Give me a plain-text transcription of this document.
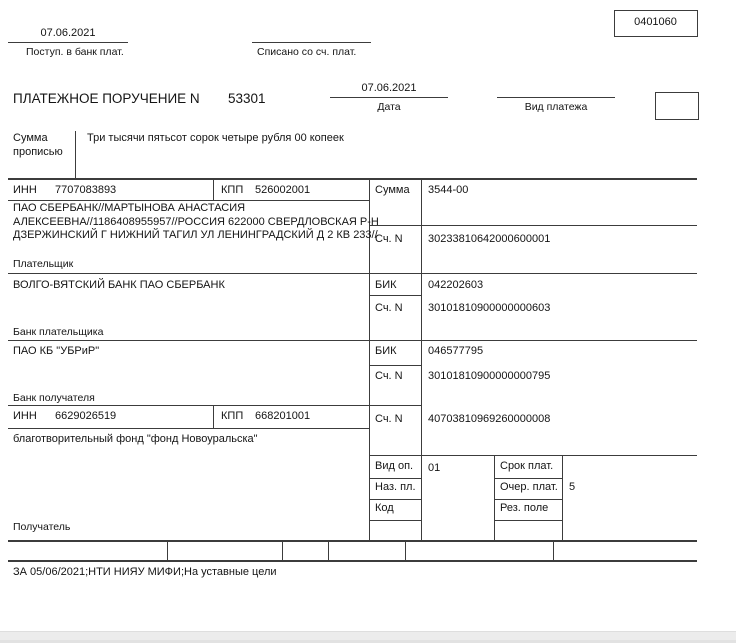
07.06.2021
Поступ. в банк плат.	Списано со сч. плат.
0401060
ПЛАТЕЖНОЕ ПОРУЧЕНИЕ N 53301
07.06.2021
Дата	Вид платежа
Сумма прописью
Три тысячи пятьсот сорок четыре рубля 00 копеек
ИНН 7707083893	КПП 526002001
ПАО СБЕРБАНК//МАРТЫНОВА АНАСТАСИЯ
АЛЕКСЕЕВНА//1186408955957//РОССИЯ 622000 СВЕРДЛОВСКАЯ Р-Н
ДЗЕРЖИНСКИЙ Г НИЖНИЙ ТАГИЛ УЛ ЛЕНИНГРАДСКИЙ Д 2 КВ 233//
Плательщик
Сумма 3544-00
Сч. N 30233810642000600001
ВОЛГО-ВЯТСКИЙ БАНК ПАО СБЕРБАНК
Банк плательщика
БИК	042202603
Сч. N 30101810900000000603
ПАО КБ "УБРиР"
Банк получателя
БИК	046577795
Сч. N 30101810900000000795
ИНН 6629026519	КПП 668201001
благотворительный фонд "фонд Новоуральска"
Получатель
Сч. N 40703810969260000008
Вид оп. 01	Срок плат.
Наз. пл.	Очер. плат. 5
Код	Рез. поле
ЗА 05/06/2021;НТИ НИЯУ МИФИ;На уставные цели
